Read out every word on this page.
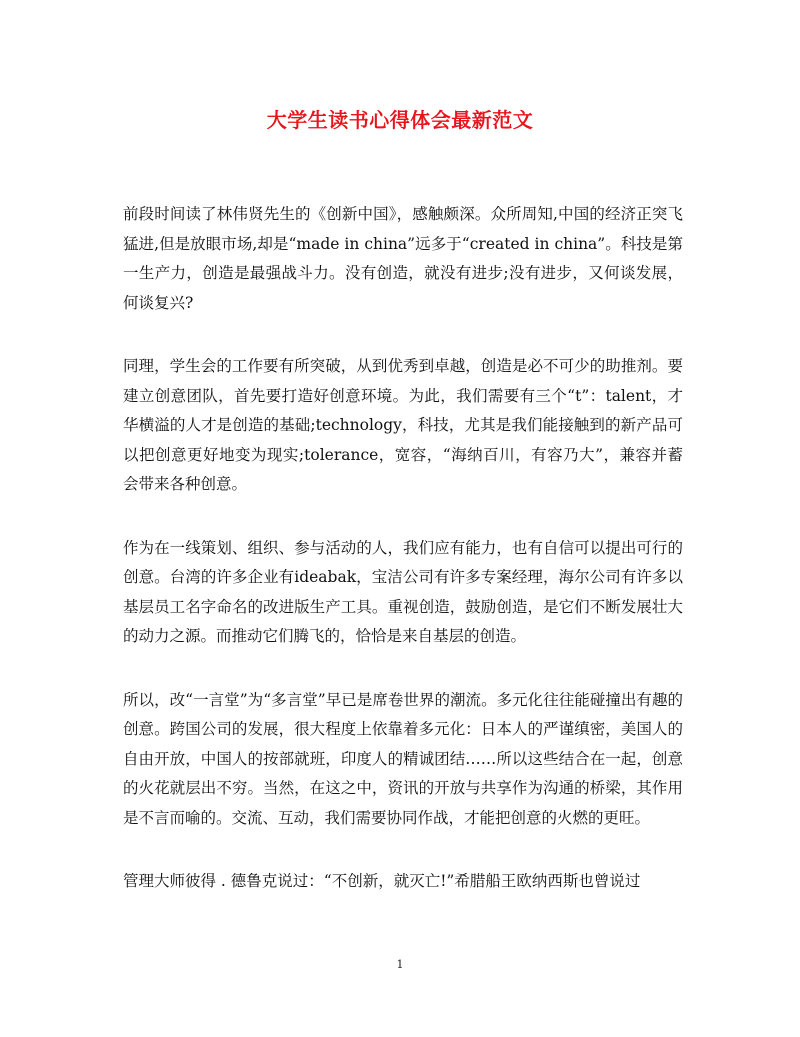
大学生读书心得体会最新范文

前段时间读了林伟贤先生的《创新中国》，感触颇深。众所周知,中国的经济正突飞猛进,但是放眼市场,却是“made in china”远多于“created in china”。科技是第一生产力，创造是最强战斗力。没有创造，就没有进步;没有进步，又何谈发展，何谈复兴?

同理，学生会的工作要有所突破，从到优秀到卓越，创造是必不可少的助推剂。要建立创意团队，首先要打造好创意环境。为此，我们需要有三个“t”：talent，才华横溢的人才是创造的基础;technology，科技，尤其是我们能接触到的新产品可以把创意更好地变为现实;tolerance，宽容，“海纳百川，有容乃大”，兼容并蓄会带来各种创意。

作为在一线策划、组织、参与活动的人，我们应有能力，也有自信可以提出可行的创意。台湾的许多企业有ideabak，宝洁公司有许多专案经理，海尔公司有许多以基层员工名字命名的改进版生产工具。重视创造，鼓励创造，是它们不断发展壮大的动力之源。而推动它们腾飞的，恰恰是来自基层的创造。

所以，改“一言堂”为“多言堂”早已是席卷世界的潮流。多元化往往能碰撞出有趣的创意。跨国公司的发展，很大程度上依靠着多元化：日本人的严谨缜密，美国人的自由开放，中国人的按部就班，印度人的精诚团结……所以这些结合在一起，创意的火花就层出不穷。当然，在这之中，资讯的开放与共享作为沟通的桥梁，其作用是不言而喻的。交流、互动，我们需要协同作战，才能把创意的火燃的更旺。

管理大师彼得 . 德鲁克说过：“不创新，就灭亡!”希腊船王欧纳西斯也曾说过

1
